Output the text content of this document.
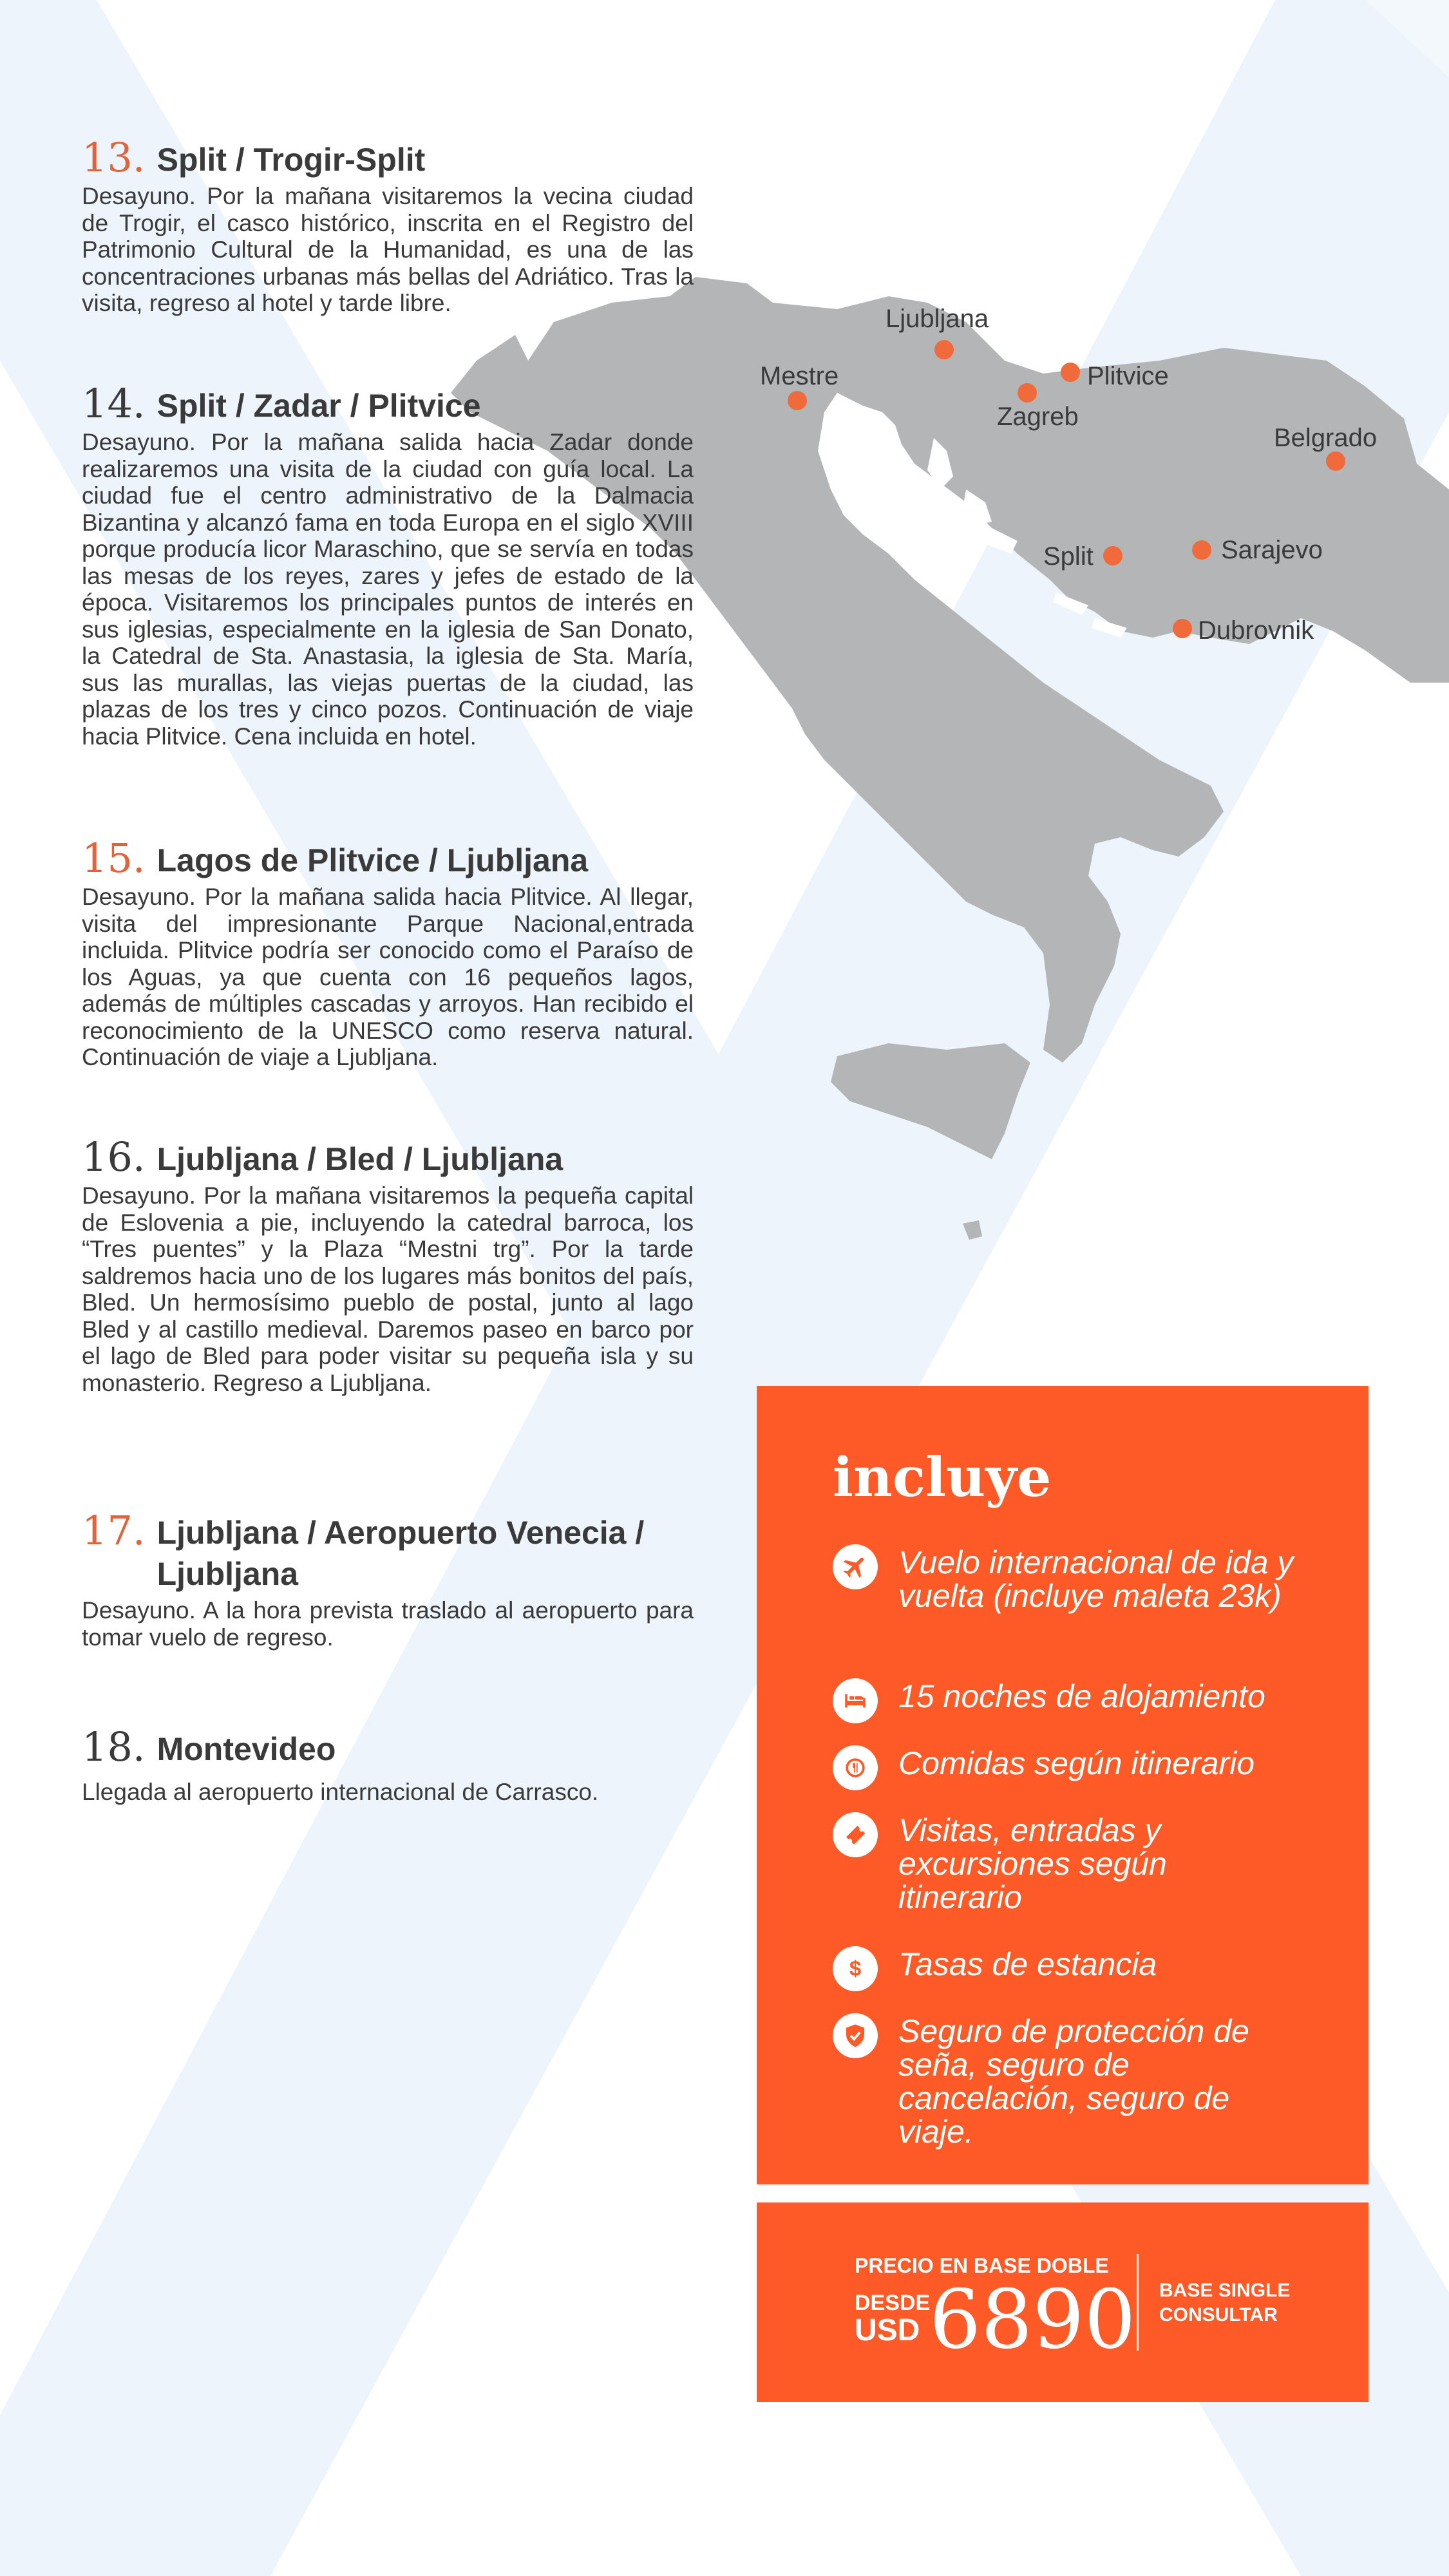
Ljubljana
Mestre	Plitvice
Zagreb
Belgrado
Split	Sarajevo
Dubrovnik
13. Split / Trogir-Split
Desayuno. Por la mañana visitaremos la vecina ciudad de Trogir, el casco histórico, inscrita en el Registro del Patrimonio Cultural de la Humanidad, es una de las concentraciones urbanas más bellas del Adriático. Tras la visita, regreso al hotel y tarde libre.
14. Split / Zadar / Plitvice
Desayuno. Por la mañana salida hacia Zadar donde realizaremos una visita de la ciudad con guía local. La ciudad fue el centro administrativo de la Dalmacia Bizantina y alcanzó fama en toda Europa en el siglo XVIII porque producía licor Maraschino, que se servía en todas las mesas de los reyes, zares y jefes de estado de la época. Visitaremos los principales puntos de interés en sus iglesias, especialmente en la iglesia de San Donato, la Catedral de Sta. Anastasia, la iglesia de Sta. María, sus las murallas, las viejas puertas de la ciudad, las plazas de los tres y cinco pozos. Continuación de viaje hacia Plitvice. Cena incluida en hotel.
15. Lagos de Plitvice / Ljubljana
Desayuno. Por la mañana salida hacia Plitvice. Al llegar, visita del impresionante Parque Nacional,entrada incluida. Plitvice podría ser conocido como el Paraíso de los Aguas, ya que cuenta con 16 pequeños lagos, además de múltiples cascadas y arroyos. Han recibido el reconocimiento de la UNESCO como reserva natural. Continuación de viaje a Ljubljana.
16. Ljubljana / Bled / Ljubljana
Desayuno. Por la mañana visitaremos la pequeña capital de Eslovenia a pie, incluyendo la catedral barroca, los “Tres puentes” y la Plaza “Mestni trg”. Por la tarde saldremos hacia uno de los lugares más bonitos del país, Bled. Un hermosísimo pueblo de postal, junto al lago Bled y al castillo medieval. Daremos paseo en barco por el lago de Bled para poder visitar su pequeña isla y su monasterio. Regreso a Ljubljana.
17. Ljubljana / Aeropuerto Venecia / Ljubljana
Desayuno. A la hora prevista traslado al aeropuerto para tomar vuelo de regreso.
18. Montevideo
Llegada al aeropuerto internacional de Carrasco.
incluye
Vuelo internacional de ida y vuelta (incluye maleta 23k)
15 noches de alojamiento
Comidas según itinerario
Visitas, entradas y excursiones según itinerario
$ Tasas de estancia
Seguro de protección de seña, seguro de cancelación, seguro de viaje.
PRECIO EN BASE DOBLE
DESDE
USD 6890 BASE SINGLE
CONSULTAR
